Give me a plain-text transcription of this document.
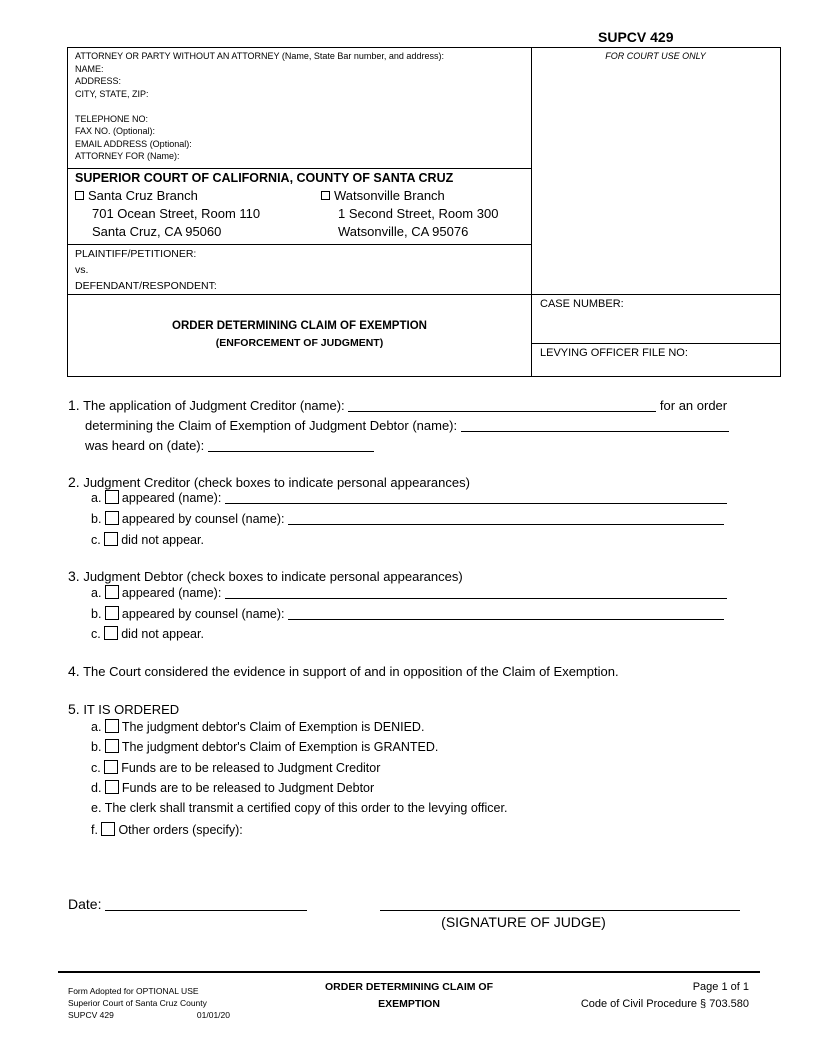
SUPCV 429
FOR COURT USE ONLY
ATTORNEY OR PARTY WITHOUT AN ATTORNEY (Name, State Bar number, and address):
NAME:
ADDRESS:
CITY, STATE, ZIP:
TELEPHONE NO:
FAX NO. (Optional):
EMAIL ADDRESS (Optional):
ATTORNEY FOR (Name):
SUPERIOR COURT OF CALIFORNIA, COUNTY OF SANTA CRUZ
Santa Cruz Branch
701 Ocean Street, Room 110
Santa Cruz, CA 95060
Watsonville Branch
1 Second Street, Room 300
Watsonville, CA 95076
PLAINTIFF/PETITIONER:
vs.
DEFENDANT/RESPONDENT:
CASE NUMBER:
LEVYING OFFICER FILE NO:
ORDER DETERMINING CLAIM OF EXEMPTION
(ENFORCEMENT OF JUDGMENT)
1. The application of Judgment Creditor (name):	for an order
determining the Claim of Exemption of Judgment Debtor (name):
was heard on (date):
2. Judgment Creditor (check boxes to indicate personal appearances)
a. appeared (name):
b. appeared by counsel (name):
c. did not appear.
3. Judgment Debtor (check boxes to indicate personal appearances)
a. appeared (name):
b. appeared by counsel (name):
c. did not appear.
4. The Court considered the evidence in support of and in opposition of the Claim of Exemption.
5. IT IS ORDERED
a. The judgment debtor's Claim of Exemption is DENIED.
b. The judgment debtor's Claim of Exemption is GRANTED.
c. Funds are to be released to Judgment Creditor
d. Funds are to be released to Judgment Debtor
e. The clerk shall transmit a certified copy of this order to the levying officer.
f. Other orders (specify):
Date:
(SIGNATURE OF JUDGE)
Form Adopted for OPTIONAL USE
Superior Court of Santa Cruz County
SUPCV 429	01/01/20
ORDER DETERMINING CLAIM OF
EXEMPTION
Page 1 of 1
Code of Civil Procedure § 703.580
